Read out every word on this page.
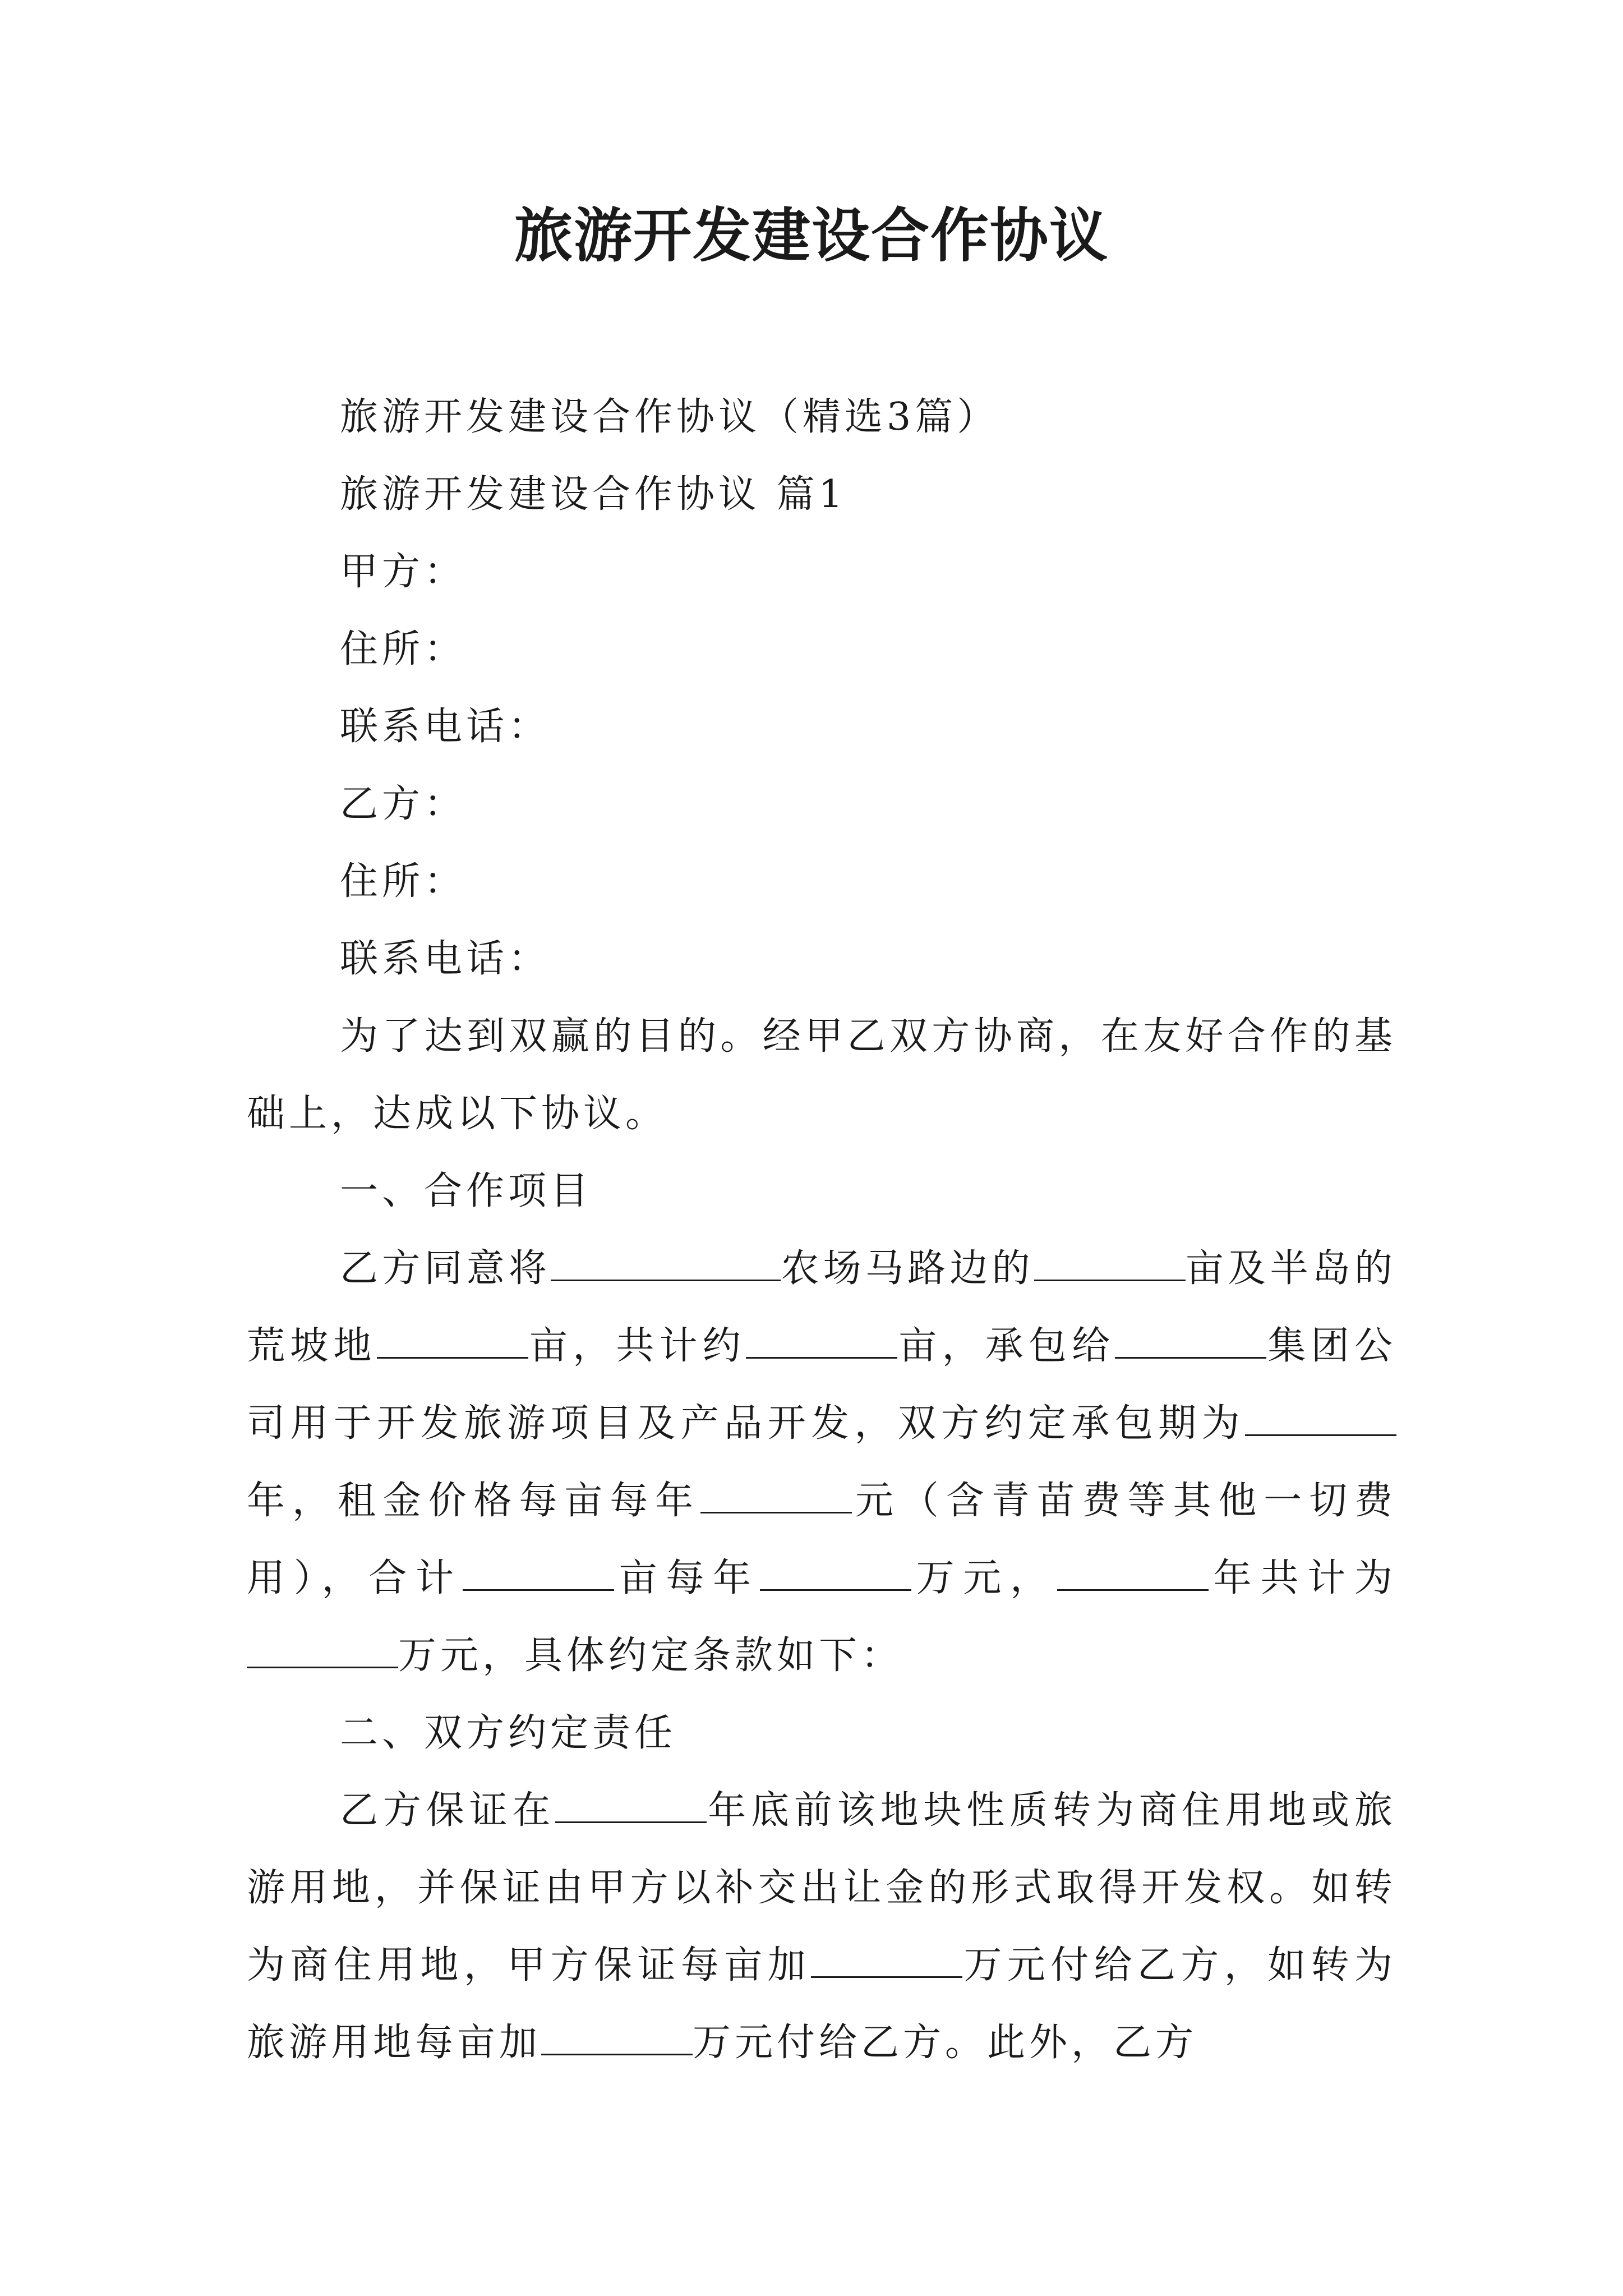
旅游开发建设合作协议

旅游开发建设合作协议（精选3篇）

旅游开发建设合作协议 篇1

甲方：

住所：

联系电话：

乙方：

住所：

联系电话：

为了达到双赢的目的。经甲乙双方协商，在友好合作的基础上，达成以下协议。

一、合作项目

乙方同意将	农场马路边的	亩及半岛的荒坡地	亩，共计约	亩，承包给	集团公司用于开发旅游项目及产品开发，双方约定承包期为年，租金价格每亩每年	元（含青苗费等其他一切费用），合计	亩每年	万元，	年共计为万元，具体约定条款如下：

二、双方约定责任

乙方保证在	年底前该地块性质转为商住用地或旅游用地，并保证由甲方以补交出让金的形式取得开发权。如转为商住用地，甲方保证每亩加	万元付给乙方，如转为旅游用地每亩加	万元付给乙方。此外，乙方
